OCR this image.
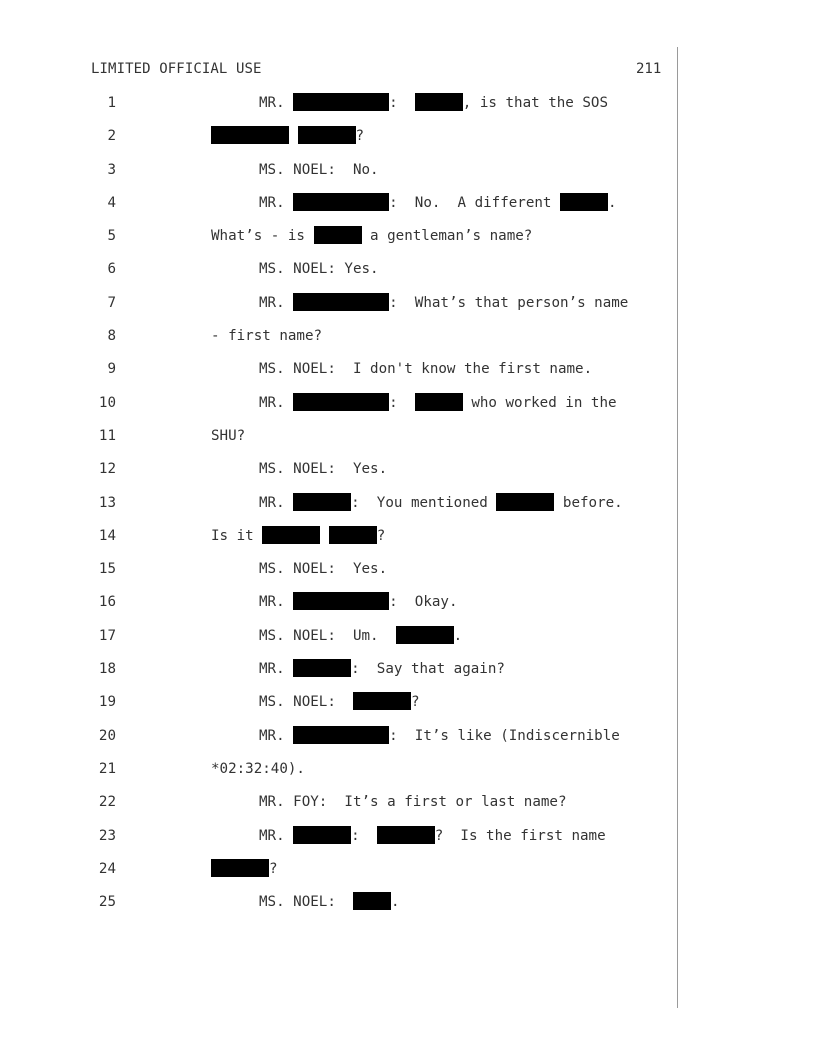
LIMITED OFFICIAL USE	211
1	MR.	:	, is that the SOS
2	?
3	MS. NOEL:  No.
4	MR.	:  No.  A different	.
5	What’s - is	a gentleman’s name?
6	MS. NOEL: Yes.
7	MR.	:  What’s that person’s name
8	- first name?
9	MS. NOEL:  I don't know the first name.
10	MR.	:	who worked in the
11	SHU?
12	MS. NOEL:  Yes.
13	MR.	:  You mentioned	before.
14	Is it	?
15	MS. NOEL:  Yes.
16	MR.	:  Okay.
17	MS. NOEL:  Um.	.
18	MR.	:  Say that again?
19	MS. NOEL:	?
20	MR.	:  It’s like (Indiscernible
21	*02:32:40).
22	MR. FOY:  It’s a first or last name?
23	MR.	:	?  Is the first name
24	?
25	MS. NOEL:	.
